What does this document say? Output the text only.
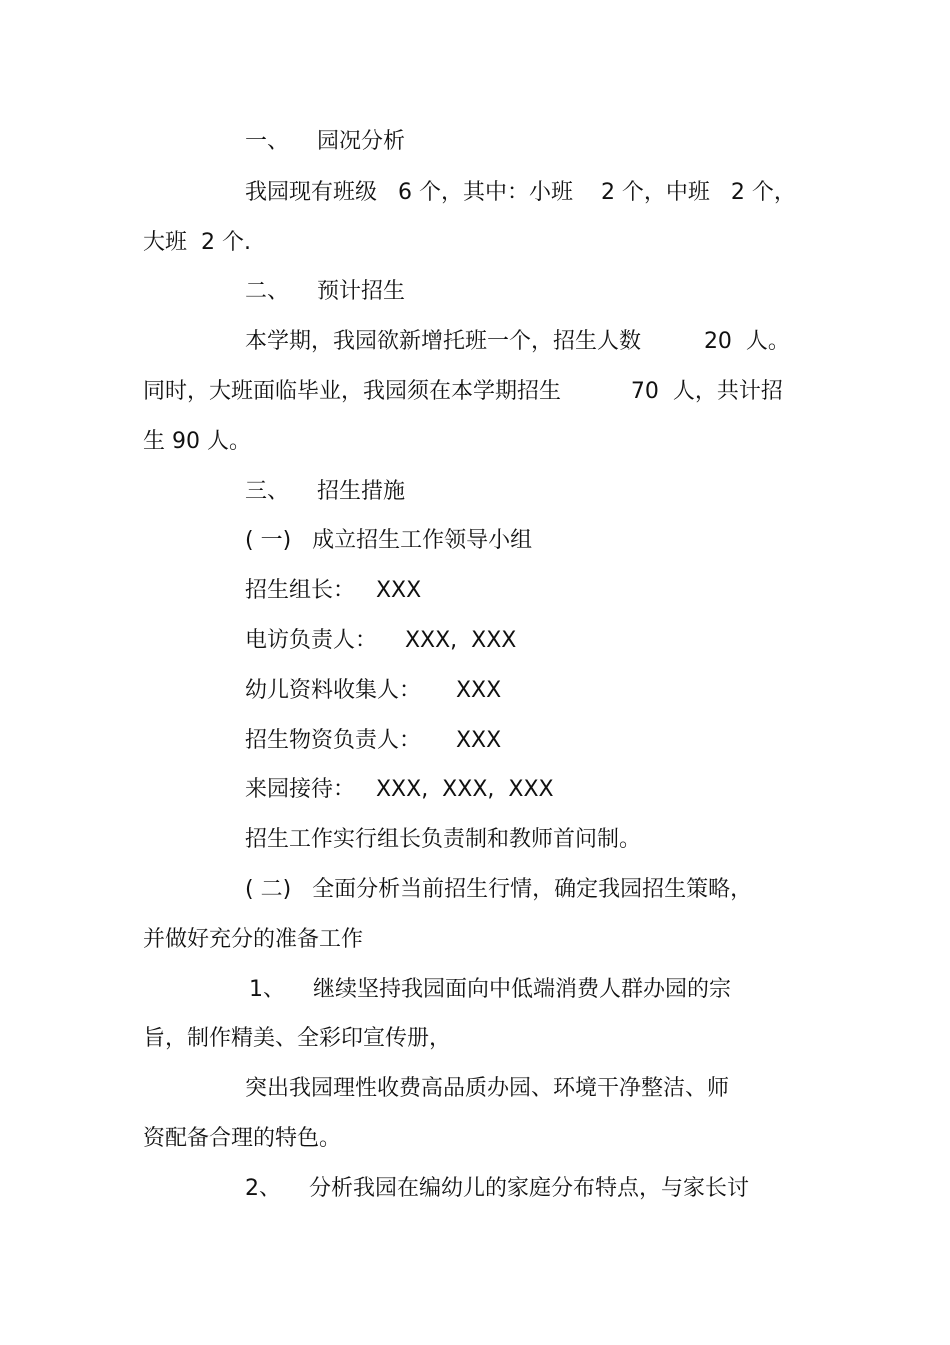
一、    园况分析
我园现有班级   6 个，其中：小班    2 个，中班   2 个，
大班  2 个.
二、    预计招生
本学期，我园欲新增托班一个，招生人数         20  人。
同时，大班面临毕业，我园须在本学期招生          70  人，共计招
生 90 人。
三、    招生措施
( 一)   成立招生工作领导小组
招生组长：   XXX
电访负责人：    XXX,  XXX
幼儿资料收集人：     XXX
招生物资负责人：     XXX
来园接待：   XXX,  XXX,  XXX
招生工作实行组长负责制和教师首问制。
( 二)   全面分析当前招生行情，确定我园招生策略，
并做好充分的准备工作
1、    继续坚持我园面向中低端消费人群办园的宗
旨，制作精美、全彩印宣传册，
突出我园理性收费高品质办园、环境干净整洁、师
资配备合理的特色。
2、    分析我园在编幼儿的家庭分布特点，与家长讨
